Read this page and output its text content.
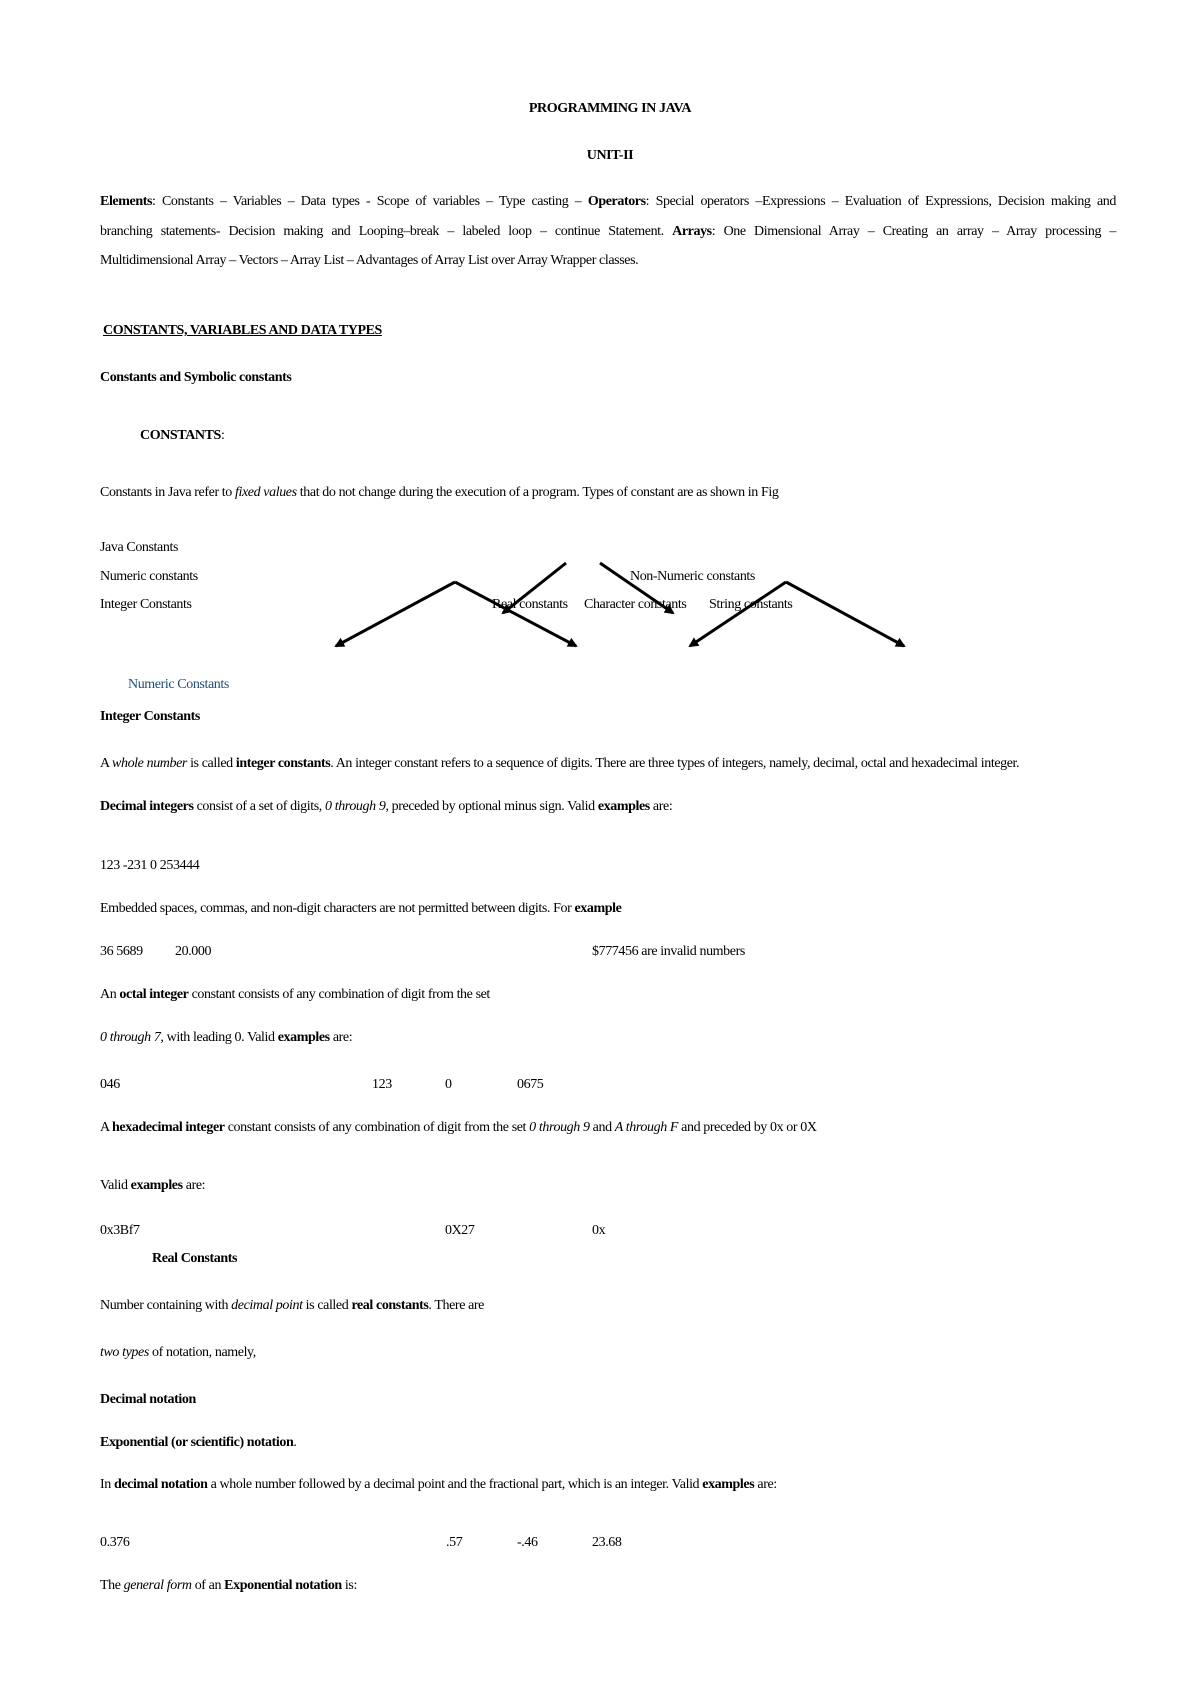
PROGRAMMING IN JAVA
UNIT-II
Elements: Constants – Variables – Data types - Scope of variables – Type casting – Operators: Special operators –Expressions – Evaluation of Expressions, Decision making and
branching statements- Decision making and Looping–break – labeled loop – continue Statement. Arrays: One Dimensional Array – Creating an array – Array processing –
Multidimensional Array – Vectors – Array List – Advantages of Array List over Array Wrapper classes.
CONSTANTS, VARIABLES AND DATA TYPES
Constants and Symbolic constants
CONSTANTS:
Constants in Java refer to fixed values that do not change during the execution of a program. Types of constant are as shown in Fig
Java Constants
Numeric constants	Non-Numeric constants
Integer Constants	Real constants Character constants String constants
Numeric Constants
Integer Constants
A whole number is called integer constants. An integer constant refers to a sequence of digits. There are three types of integers, namely, decimal, octal and hexadecimal integer.
Decimal integers consist of a set of digits, 0 through 9, preceded by optional minus sign. Valid examples are:
123 -231 0 253444
Embedded spaces, commas, and non-digit characters are not permitted between digits. For example
36 5689 20.000	$777456 are invalid numbers
An octal integer constant consists of any combination of digit from the set
0 through 7, with leading 0. Valid examples are:
046	123	0	0675
A hexadecimal integer constant consists of any combination of digit from the set 0 through 9 and A through F and preceded by 0x or 0X
Valid examples are:
0x3Bf7	0X27	0x
Real Constants
Number containing with decimal point is called real constants. There are
two types of notation, namely,
Decimal notation
Exponential (or scientific) notation.
In decimal notation a whole number followed by a decimal point and the fractional part, which is an integer. Valid examples are:
0.376	.57	-.46	23.68
The general form of an Exponential notation is:
